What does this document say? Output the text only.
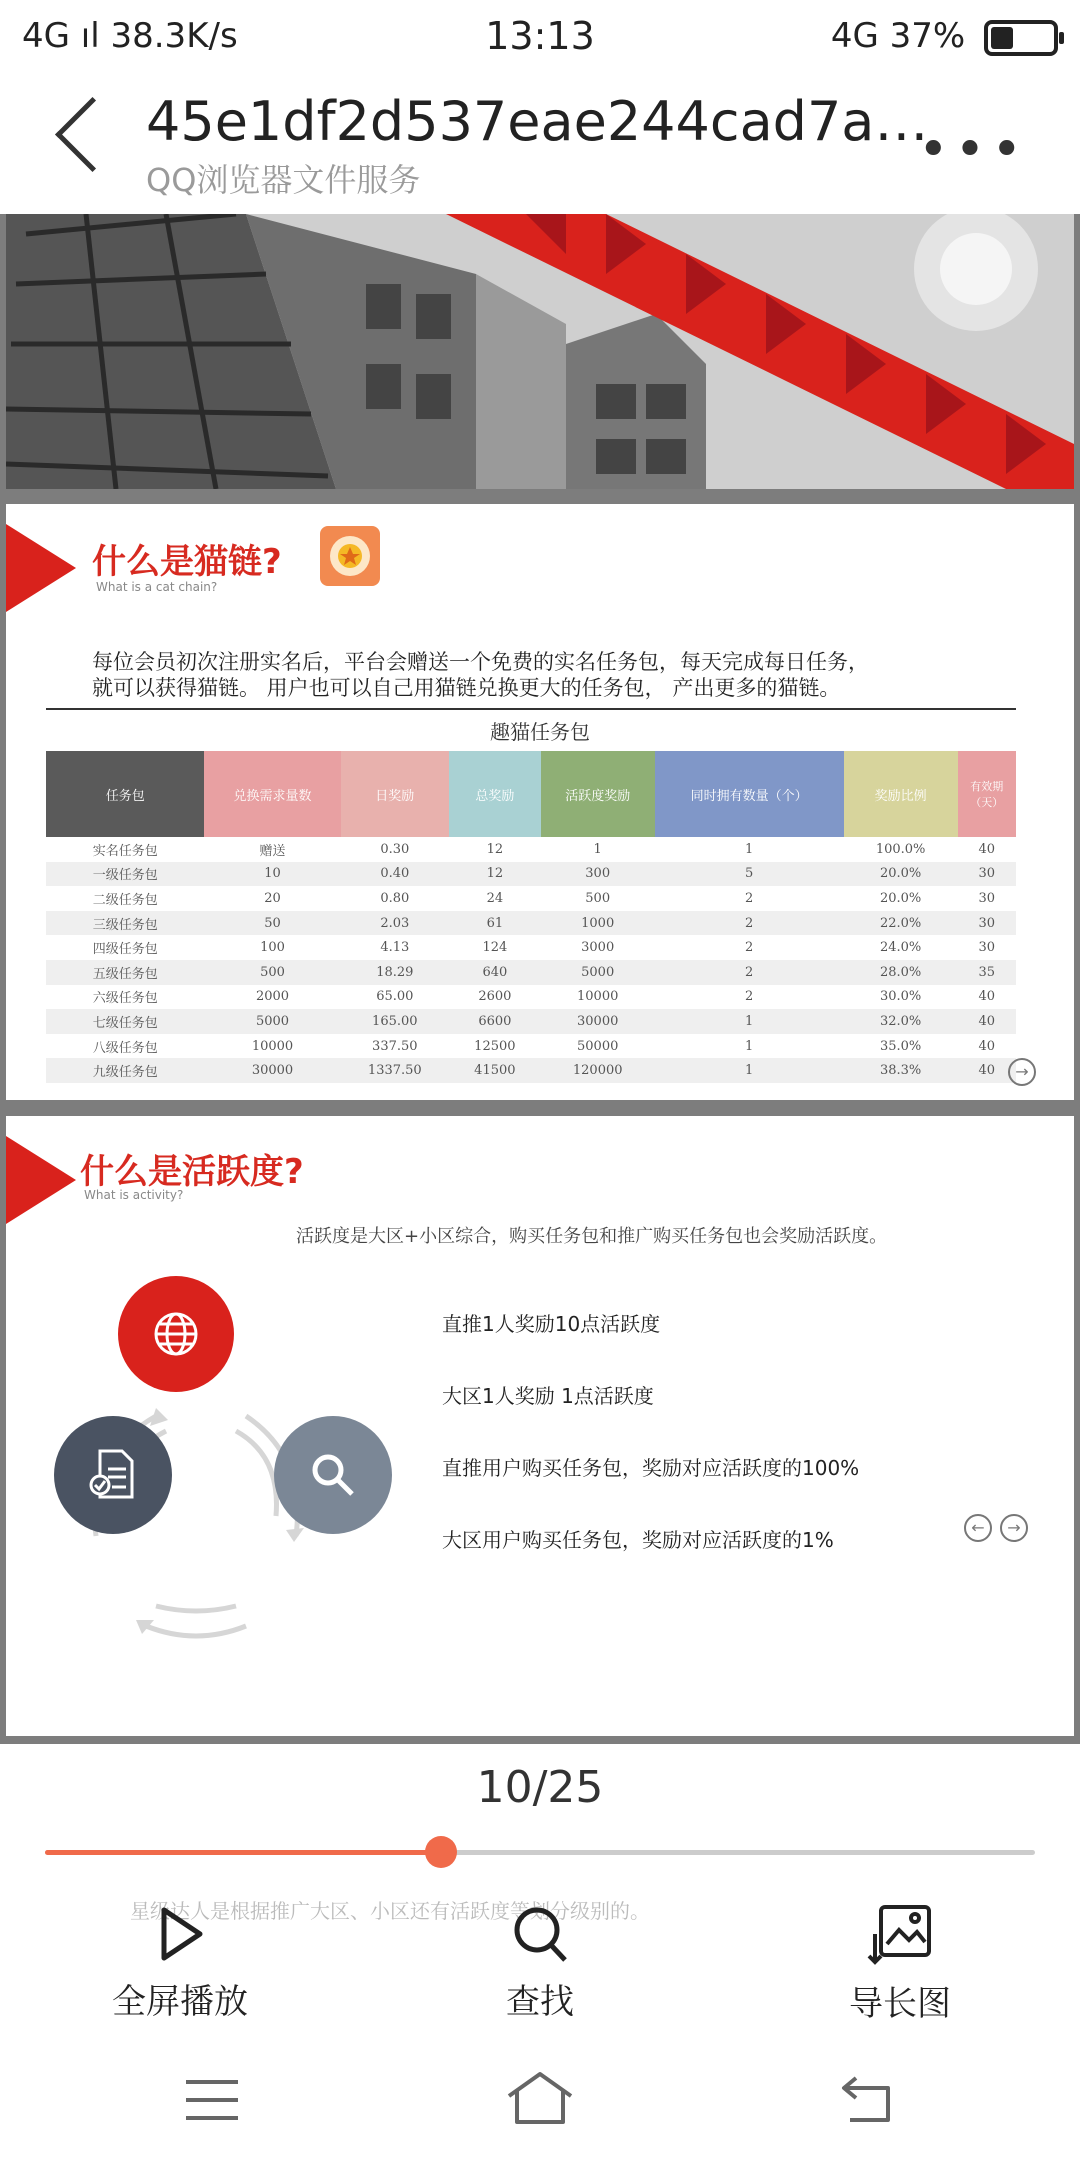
4G ıl 38.3K/s	13:13	4G 37%
45e1df2d537eae244cad7a…
QQ浏览器文件服务	•••
什么是猫链?
What is a cat chain?
每位会员初次注册实名后，平台会赠送一个免费的实名任务包，每天完成每日任务，
就可以获得猫链。 用户也可以自己用猫链兑换更大的任务包， 产出更多的猫链。
趣猫任务包
任务包	兑换需求量数	日奖励	总奖励	活跃度奖励	同时拥有数量（个）	奖励比例	有效期（天）
实名任务包	赠送	0.30	12	1	1	100.0%	40
一级任务包	10	0.40	12	300	5	20.0%	30
二级任务包	20	0.80	24	500	2	20.0%	30
三级任务包	50	2.03	61	1000	2	22.0%	30
四级任务包	100	4.13	124	3000	2	24.0%	30
五级任务包	500	18.29	640	5000	2	28.0%	35
六级任务包	2000	65.00	2600	10000	2	30.0%	40
七级任务包	5000	165.00	6600	30000	1	32.0%	40
八级任务包	10000	337.50	12500	50000	1	35.0%	40
九级任务包	30000	1337.50	41500	120000	1	38.3%	40	→
什么是活跃度?
What is activity?
活跃度是大区+小区综合，购买任务包和推广购买任务包也会奖励活跃度。
直推1人奖励10点活跃度
大区1人奖励 1点活跃度
直推用户购买任务包，奖励对应活跃度的100%
大区用户购买任务包，奖励对应活跃度的1%
←	→
10/25
星级达人是根据推广大区、小区还有活跃度等划分级别的。
全屏播放	查找	导长图
